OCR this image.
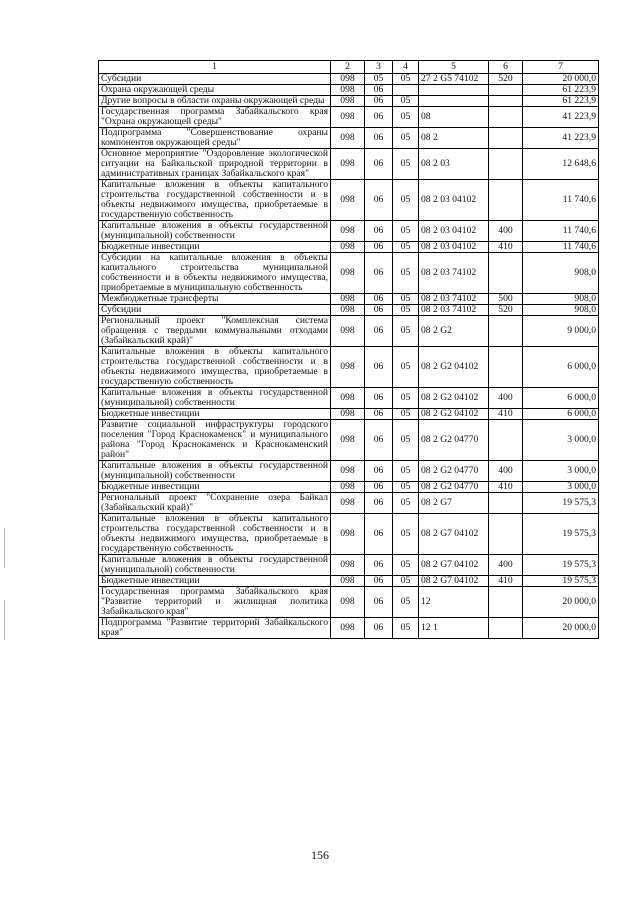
1	2	3	4	5	6	7
Субсидии	098	05	05	27 2 G5 74102	520	20 000,0
Охрана окружающей среды	098	06				61 223,9
Другие вопросы в области охраны окружающей среды	098	06	05			61 223,9
Государственная программа Забайкальского края "Охрана окружающей среды"	098	06	05	08		41 223,9
Подпрограмма "Совершенствование охраны компонентов окружающей среды"	098	06	05	08 2		41 223,9
Основное мероприятие "Оздоровление экологической ситуации на Байкальской природной территории в административных границах Забайкальского края"	098	06	05	08 2 03		12 648,6
Капитальные вложения в объекты капитального строительства государственной собственности и в объекты недвижимого имущества, приобретаемые в государственную собственность	098	06	05	08 2 03 04102		11 740,6
Капитальные вложения в объекты государственной (муниципальной) собственности	098	06	05	08 2 03 04102	400	11 740,6
Бюджетные инвестиции	098	06	05	08 2 03 04102	410	11 740,6
Субсидии на капитальные вложения в объекты капитального строительства муниципальной собственности и в объекты недвижимого имущества, приобретаемые в муниципальную собственность	098	06	05	08 2 03 74102		908,0
Межбюджетные трансферты	098	06	05	08 2 03 74102	500	908,0
Субсидии	098	06	05	08 2 03 74102	520	908,0
Региональный проект "Комплексная система обращения с твердыми коммунальными отходами (Забайкальский край)"	098	06	05	08 2 G2		9 000,0
Капитальные вложения в объекты капитального строительства государственной собственности и в объекты недвижимого имущества, приобретаемые в государственную собственность	098	06	05	08 2 G2 04102		6 000,0
Капитальные вложения в объекты государственной (муниципальной) собственности	098	06	05	08 2 G2 04102	400	6 000,0
Бюджетные инвестиции	098	06	05	08 2 G2 04102	410	6 000,0
Развитие социальной инфраструктуры городского поселения "Город Краснокаменск" и муниципального района "Город Краснокаменск и Краснокаменский район"	098	06	05	08 2 G2 04770		3 000,0
Капитальные вложения в объекты государственной (муниципальной) собственности	098	06	05	08 2 G2 04770	400	3 000,0
Бюджетные инвестиции	098	06	05	08 2 G2 04770	410	3 000,0
Региональный проект "Сохранение озера Байкал (Забайкальский край)"	098	06	05	08 2 G7		19 575,3
Капитальные вложения в объекты капитального строительства государственной собственности и в объекты недвижимого имущества, приобретаемые в государственную собственность	098	06	05	08 2 G7 04102		19 575,3
Капитальные вложения в объекты государственной (муниципальной) собственности	098	06	05	08 2 G7 04102	400	19 575,3
Бюджетные инвестиции	098	06	05	08 2 G7 04102	410	19 575,3
Государственная программа Забайкальского края "Развитие территорий и жилищная политика Забайкальского края"	098	06	05	12		20 000,0
Подпрограмма "Развитие территорий Забайкальского края"	098	06	05	12 1		20 000,0
156
